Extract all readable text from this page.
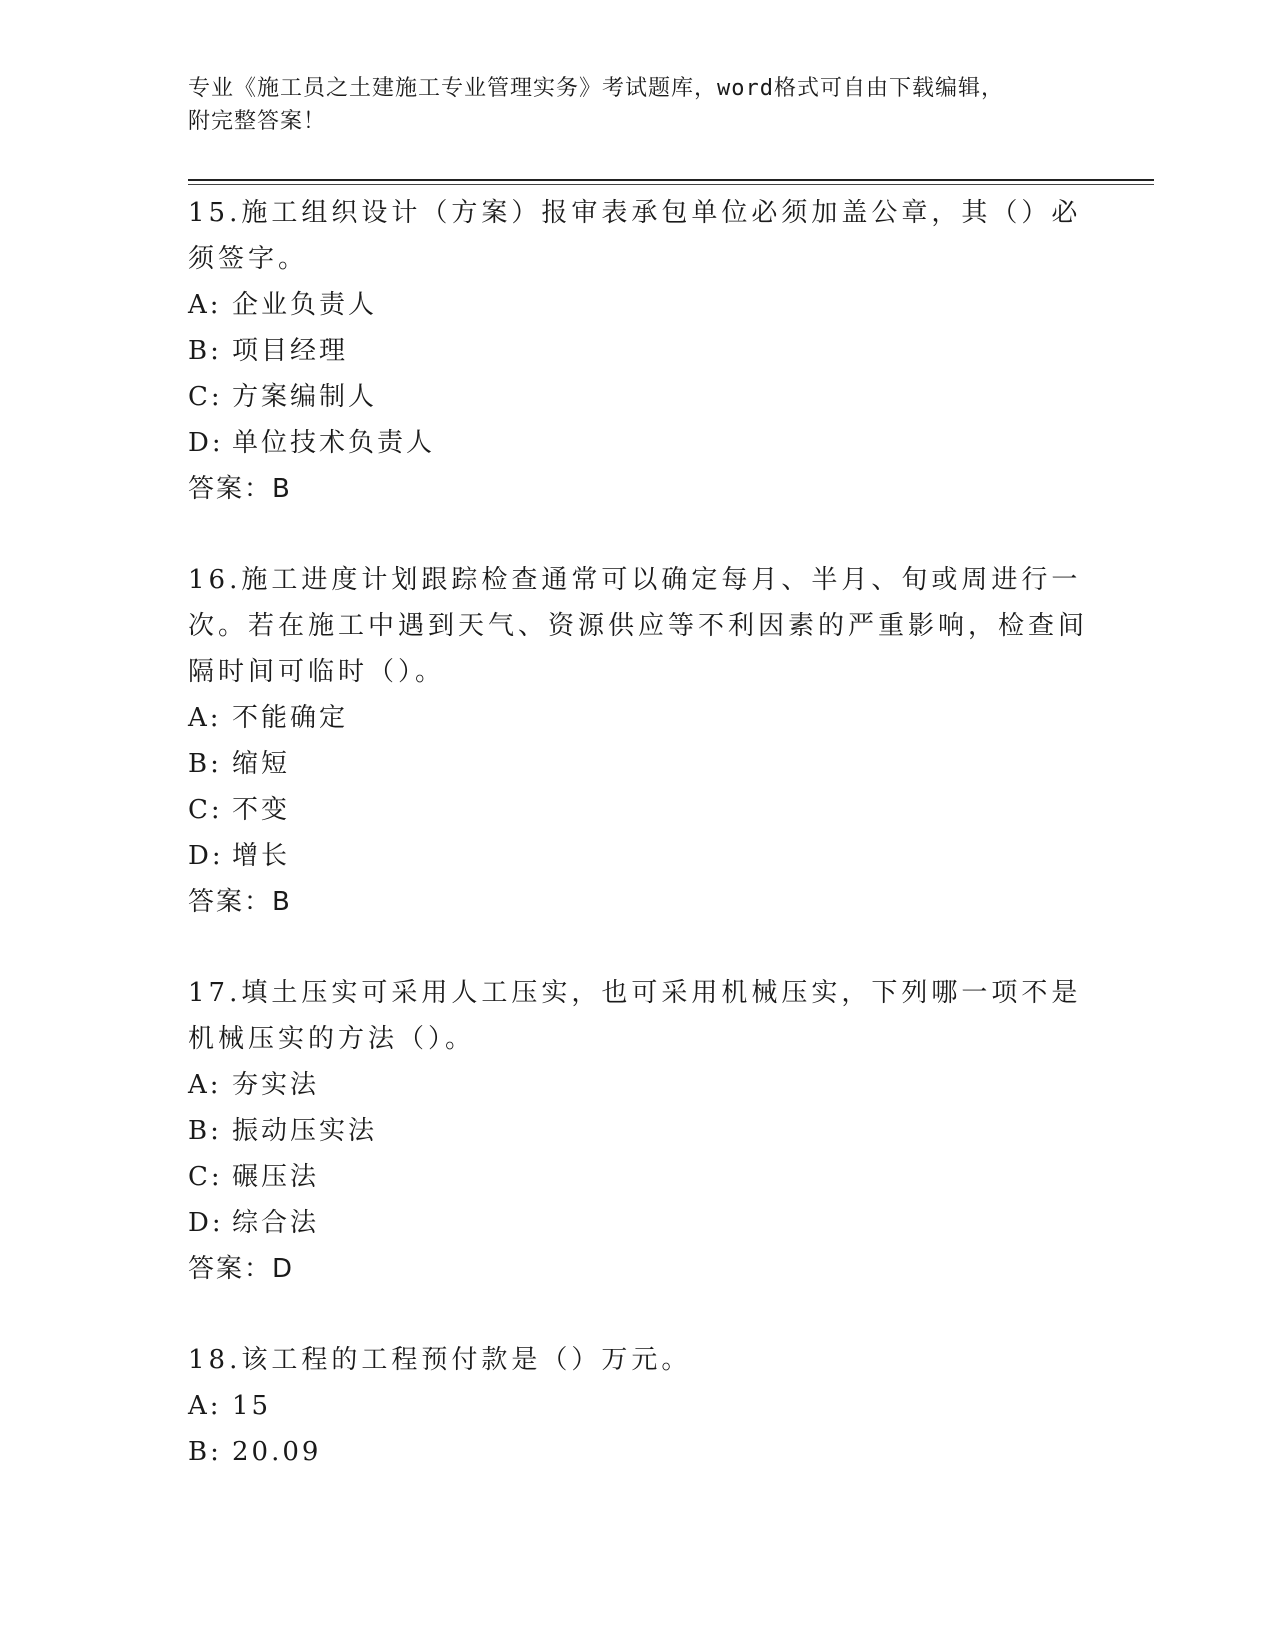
专业《施工员之土建施工专业管理实务》考试题库，word格式可自由下载编辑，
附完整答案！

15.施工组织设计（方案）报审表承包单位必须加盖公章，其（）必须签字。

A: 企业负责人

B: 项目经理

C: 方案编制人

D: 单位技术负责人

答案：B

16.施工进度计划跟踪检查通常可以确定每月、半月、旬或周进行一次。若在施工中遇到天气、资源供应等不利因素的严重影响，检查间隔时间可临时（）。

A: 不能确定

B: 缩短

C: 不变

D: 增长

答案：B

17.填土压实可采用人工压实，也可采用机械压实，下列哪一项不是机械压实的方法（）。

A: 夯实法

B: 振动压实法

C: 碾压法

D: 综合法

答案：D

18.该工程的工程预付款是（）万元。

A: 15

B: 20.09
